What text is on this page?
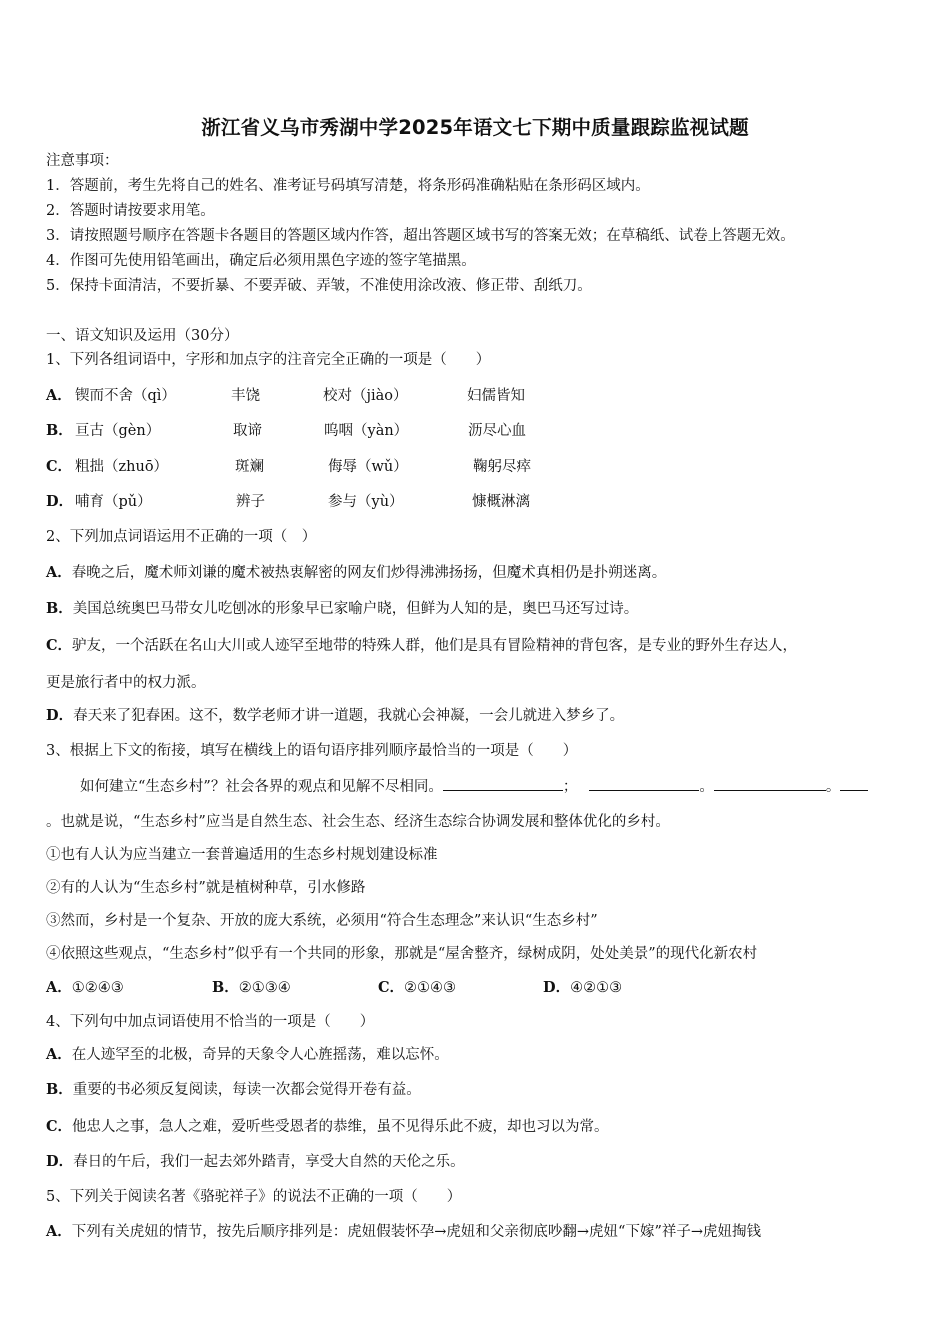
浙江省义乌市秀湖中学2025年语文七下期中质量跟踪监视试题
注意事项：
1．答题前，考生先将自己的姓名、准考证号码填写清楚，将条形码准确粘贴在条形码区域内。
2．答题时请按要求用笔。
3．请按照题号顺序在答题卡各题目的答题区域内作答，超出答题区域书写的答案无效；在草稿纸、试卷上答题无效。
4．作图可先使用铅笔画出，确定后必须用黑色字迹的签字笔描黑。
5．保持卡面清洁，不要折暴、不要弄破、弄皱，不准使用涂改液、修正带、刮纸刀。
一、语文知识及运用（30分）
1、下列各组词语中，字形和加点字的注音完全正确的一项是（　　）
A． 锲而不舍（qì）	丰饶	校对（jiào）	妇儒皆知
B． 亘古（gèn）	取谛	呜咽（yàn）	沥尽心血
C． 粗拙（zhuō）	斑斓	侮辱（wǔ）	鞠躬尽瘁
D． 哺育（pǔ）	辨子	参与（yù）	慷概淋漓
2、下列加点词语运用不正确的一项（　）
A．春晚之后，魔术师刘谦的魔术被热衷解密的网友们炒得沸沸扬扬，但魔术真相仍是扑朔迷离。
B．美国总统奥巴马带女儿吃刨冰的形象早已家喻户晓，但鲜为人知的是，奥巴马还写过诗。
C．驴友，一个活跃在名山大川或人迹罕至地带的特殊人群，他们是具有冒险精神的背包客，是专业的野外生存达人，
更是旅行者中的权力派。
D．春天来了犯春困。这不，数学老师才讲一道题，我就心会神凝，一会儿就进入梦乡了。
3、根据上下文的衔接，填写在横线上的语句语序排列顺序最恰当的一项是（　　）
如何建立“生态乡村”？社会各界的观点和见解不尽相同。	；	。	。
。也就是说，“生态乡村”应当是自然生态、社会生态、经济生态综合协调发展和整体优化的乡村。
①也有人认为应当建立一套普遍适用的生态乡村规划建设标准
②有的人认为“生态乡村”就是植树种草，引水修路
③然而，乡村是一个复杂、开放的庞大系统，必须用“符合生态理念”来认识“生态乡村”
④依照这些观点，“生态乡村”似乎有一个共同的形象，那就是“屋舍整齐，绿树成阴，处处美景”的现代化新农村
A．①②④③	B．②①③④	C．②①④③	D．④②①③
4、下列句中加点词语使用不恰当的一项是（　　）
A．在人迹罕至的北极，奇异的天象令人心旌摇荡，难以忘怀。
B．重要的书必须反复阅读，每读一次都会觉得开卷有益。
C．他忠人之事，急人之难，爱听些受恩者的恭维，虽不见得乐此不疲，却也习以为常。
D．春日的午后，我们一起去郊外踏青，享受大自然的天伦之乐。
5、下列关于阅读名著《骆驼祥子》的说法不正确的一项（　　）
A．下列有关虎妞的情节，按先后顺序排列是：虎妞假装怀孕→虎妞和父亲彻底吵翻→虎妞“下嫁”祥子→虎妞掏钱
